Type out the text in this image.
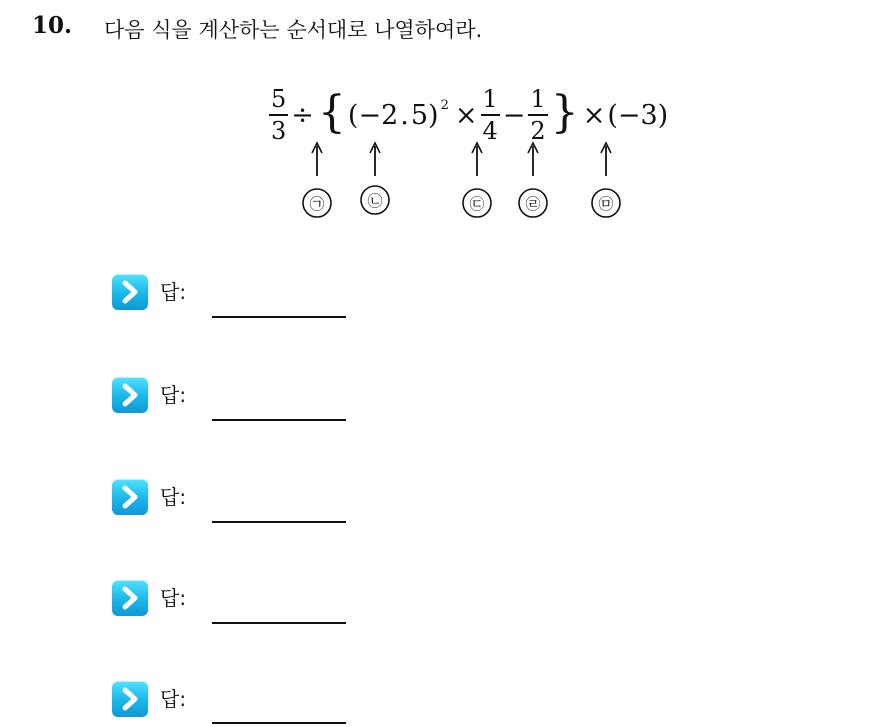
10. 다음 식을 계산하는 순서대로 나열하여라.
$\frac{5}{3}$ ÷ { ( − 2 . 5 ) $2 \times \frac{1}{4} - \frac{1}{2}$ } × (−3)
㉠	㉡	㉢	㉣	㉤
답:
답:
답:
답:
답:
